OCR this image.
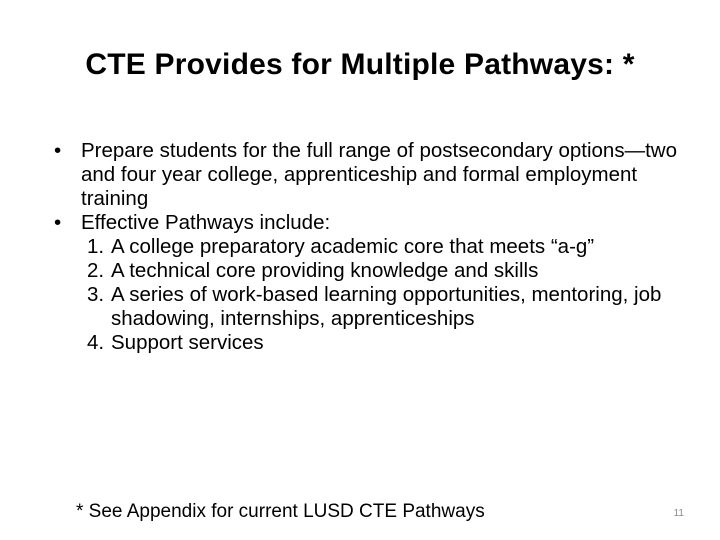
CTE Provides for Multiple Pathways: *
• Prepare students for the full range of postsecondary options—two and four year college, apprenticeship and formal employment training
• Effective Pathways include:
1. A college preparatory academic core that meets “a-g”
2. A technical core providing knowledge and skills
3. A series of work-based learning opportunities, mentoring, job shadowing, internships, apprenticeships
4. Support services
* See Appendix for current LUSD CTE Pathways	11
